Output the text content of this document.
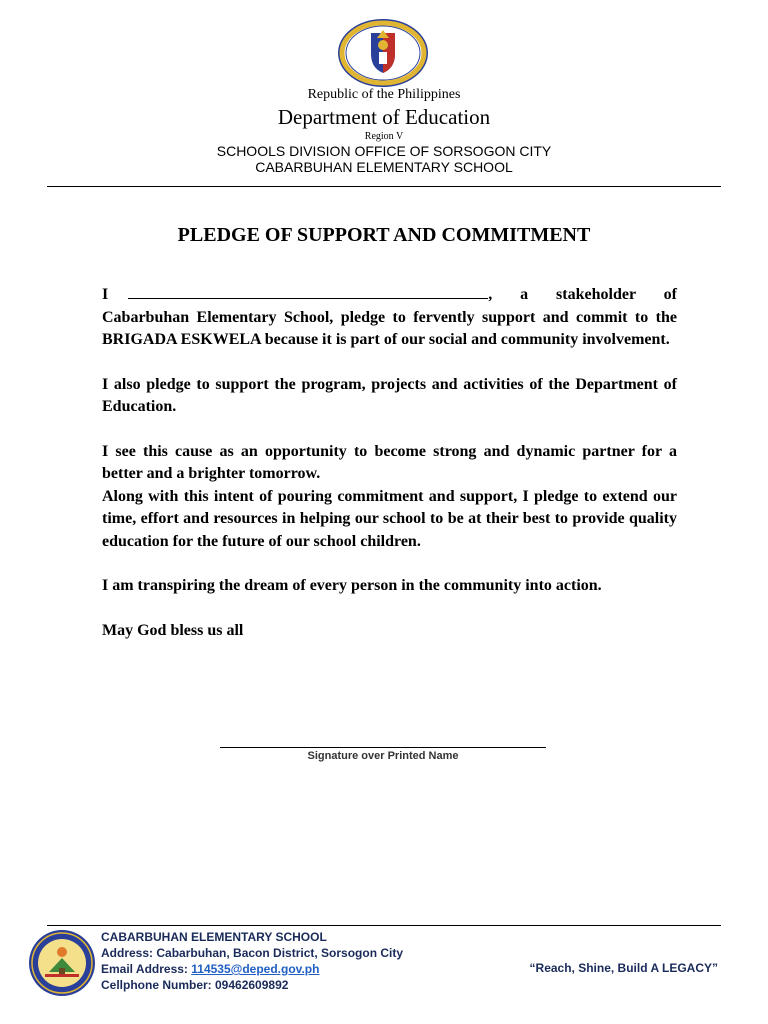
Republic of the Philippines
Department of Education
Region V
SCHOOLS DIVISION OFFICE OF SORSOGON CITY
CABARBUHAN ELEMENTARY SCHOOL
PLEDGE OF SUPPORT AND COMMITMENT

I	, a stakeholder of Cabarbuhan Elementary School, pledge to fervently support and commit to the BRIGADA ESKWELA because it is part of our social and community involvement.

I also pledge to support the program, projects and activities of the Department of Education.

I see this cause as an opportunity to become strong and dynamic partner for a better and a brighter tomorrow.

Along with this intent of pouring commitment and support, I pledge to extend our time, effort and resources in helping our school to be at their best to provide quality education for the future of our school children.

I am transpiring the dream of every person in the community into action.

May God bless us all

Signature over Printed Name
CABARBUHAN ELEMENTARY SCHOOL
Address: Cabarbuhan, Bacon District, Sorsogon City
Email Address: 114535@deped.gov.ph
Cellphone Number: 09462609892
“Reach, Shine, Build A LEGACY”
